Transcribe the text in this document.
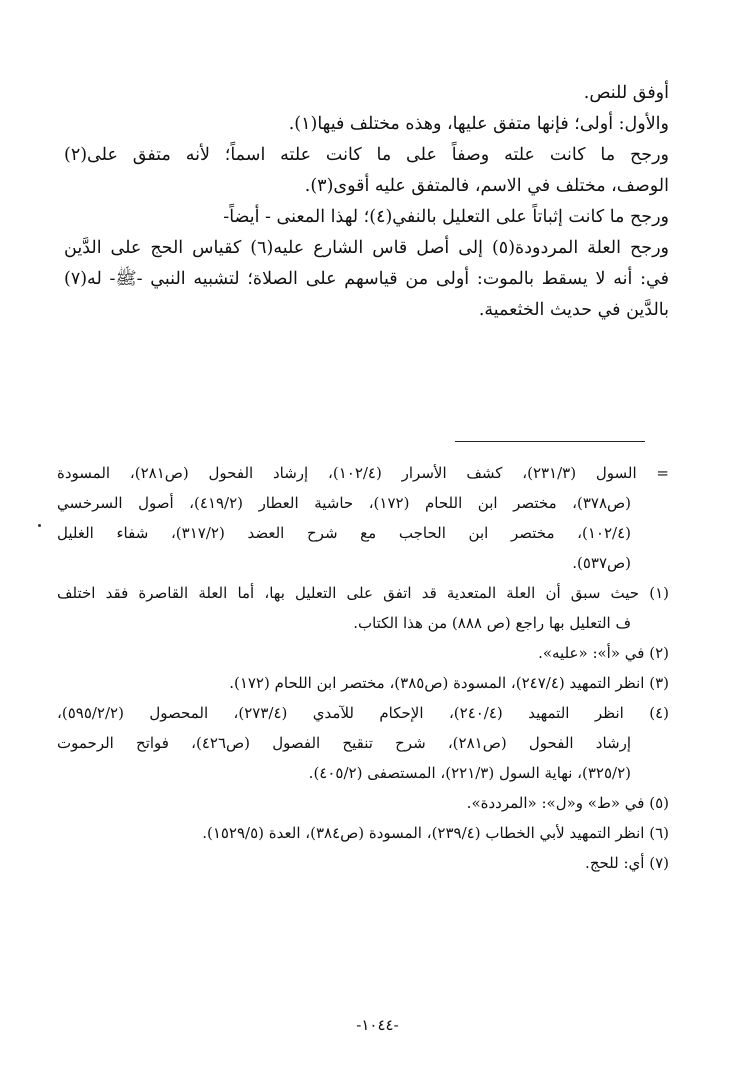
أوفق للنص.
والأول: أولى؛ فإنها متفق عليها، وهذه مختلف فيها(١).
ورجح ما كانت علته وصفاً على ما كانت علته اسماً؛ لأنه متفق على(٢)
الوصف، مختلف في الاسم، فالمتفق عليه أقوى(٣).
ورجح ما كانت إثباتاً على التعليل بالنفي(٤)؛ لهذا المعنى - أيضاً-
ورجح العلة المردودة(٥) إلى أصل قاس الشارع عليه(٦) كقياس الحج على الدَّين
في: أنه لا يسقط بالموت: أولى من قياسهم على الصلاة؛ لتشبيه النبي -ﷺ- له(٧)
بالدَّين في حديث الخثعمية.
= السول (٢٣١/٣)، كشف الأسرار (١٠٢/٤)، إرشاد الفحول (ص٢٨١)، المسودة
(ص٣٧٨)، مختصر ابن اللحام (١٧٢)، حاشية العطار (٤١٩/٢)، أصول السرخسي
(١٠٢/٤)، مختصر ابن الحاجب مع شرح العضد (٣١٧/٢)، شفاء الغليل
(ص٥٣٧).
(١) حيث سبق أن العلة المتعدية قد اتفق على التعليل بها، أما العلة القاصرة فقد اختلف
ف التعليل بها راجع (ص ٨٨٨) من هذا الكتاب.
(٢) في «أ»: «عليه».
(٣) انظر التمهيد (٢٤٧/٤)، المسودة (ص٣٨٥)، مختصر ابن اللحام (١٧٢).
(٤) انظر التمهيد (٢٤٠/٤)، الإحكام للآمدي (٢٧٣/٤)، المحصول (٥٩٥/٢/٢)،
إرشاد الفحول (ص٢٨١)، شرح تنقيح الفصول (ص٤٢٦)، فواتح الرحموت
(٣٢٥/٢)، نهاية السول (٢٢١/٣)، المستصفى (٤٠٥/٢).
(٥) في «ط» و«ل»: «المرددة».
(٦) انظر التمهيد لأبي الخطاب (٢٣٩/٤)، المسودة (ص٣٨٤)، العدة (١٥٢٩/٥).
(٧) أي: للحج.
-١٠٤٤-
